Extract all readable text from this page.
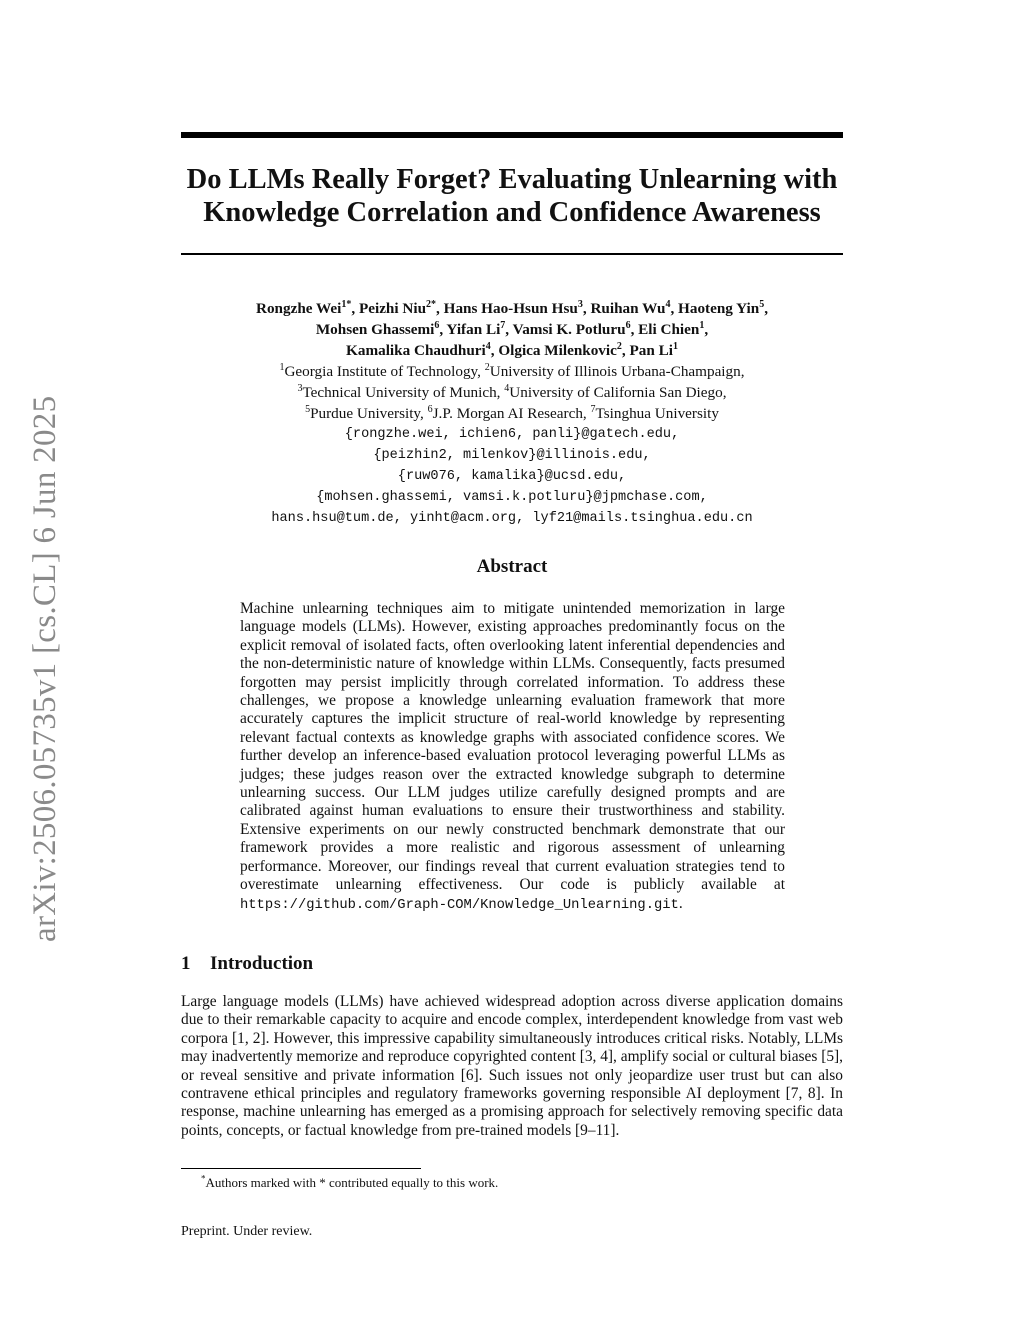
arXiv:2506.05735v1 [cs.CL] 6 Jun 2025
Do LLMs Really Forget? Evaluating Unlearning with
Knowledge Correlation and Confidence Awareness
Rongzhe Wei$^{1*}$, Peizhi Niu$^{2*}$, Hans Hao-Hsun Hsu$^3$, Ruihan Wu$^4$, Haoteng Yin$^5$,
Mohsen Ghassemi$^6$, Yifan Li$^7$, Vamsi K. Potluru$^6$, Eli Chien$^1$,
Kamalika Chaudhuri$^4$, Olgica Milenkovic$^2$, Pan Li$^1$
$^1$Georgia Institute of Technology, $^2$University of Illinois Urbana-Champaign,
$^3$Technical University of Munich, $^4$University of California San Diego,
$^5$Purdue University, $^6$J.P. Morgan AI Research, $^7$Tsinghua University
{rongzhe.wei, ichien6, panli}@gatech.edu,
{peizhin2, milenkov}@illinois.edu,
{ruw076, kamalika}@ucsd.edu,
{mohsen.ghassemi, vamsi.k.potluru}@jpmchase.com,
hans.hsu@tum.de, yinht@acm.org, lyf21@mails.tsinghua.edu.cn
Abstract
Machine unlearning techniques aim to mitigate unintended memorization in large language models (LLMs). However, existing approaches predominantly focus on the explicit removal of isolated facts, often overlooking latent inferential dependencies and the non-deterministic nature of knowledge within LLMs. Consequently, facts presumed forgotten may persist implicitly through correlated information. To address these challenges, we propose a knowledge unlearning evaluation framework that more accurately captures the implicit structure of real-world knowledge by representing relevant factual contexts as knowledge graphs with associated confidence scores. We further develop an inference-based evaluation protocol leveraging powerful LLMs as judges; these judges reason over the extracted knowledge subgraph to determine unlearning success. Our LLM judges utilize carefully designed prompts and are calibrated against human evaluations to ensure their trustworthiness and stability. Extensive experiments on our newly constructed benchmark demonstrate that our framework provides a more realistic and rigorous assessment of unlearning performance. Moreover, our findings reveal that current evaluation strategies tend to overestimate unlearning effectiveness. Our code is publicly available at https://github.com/Graph-COM/Knowledge_Unlearning.git.
1 Introduction
Large language models (LLMs) have achieved widespread adoption across diverse application domains due to their remarkable capacity to acquire and encode complex, interdependent knowledge from vast web corpora [1, 2]. However, this impressive capability simultaneously introduces critical risks. Notably, LLMs may inadvertently memorize and reproduce copyrighted content [3, 4], amplify social or cultural biases [5], or reveal sensitive and private information [6]. Such issues not only jeopardize user trust but can also contravene ethical principles and regulatory frameworks governing responsible AI deployment [7, 8]. In response, machine unlearning has emerged as a promising approach for selectively removing specific data points, concepts, or factual knowledge from pre-trained models [9–11].
*Authors marked with * contributed equally to this work.
Preprint. Under review.
